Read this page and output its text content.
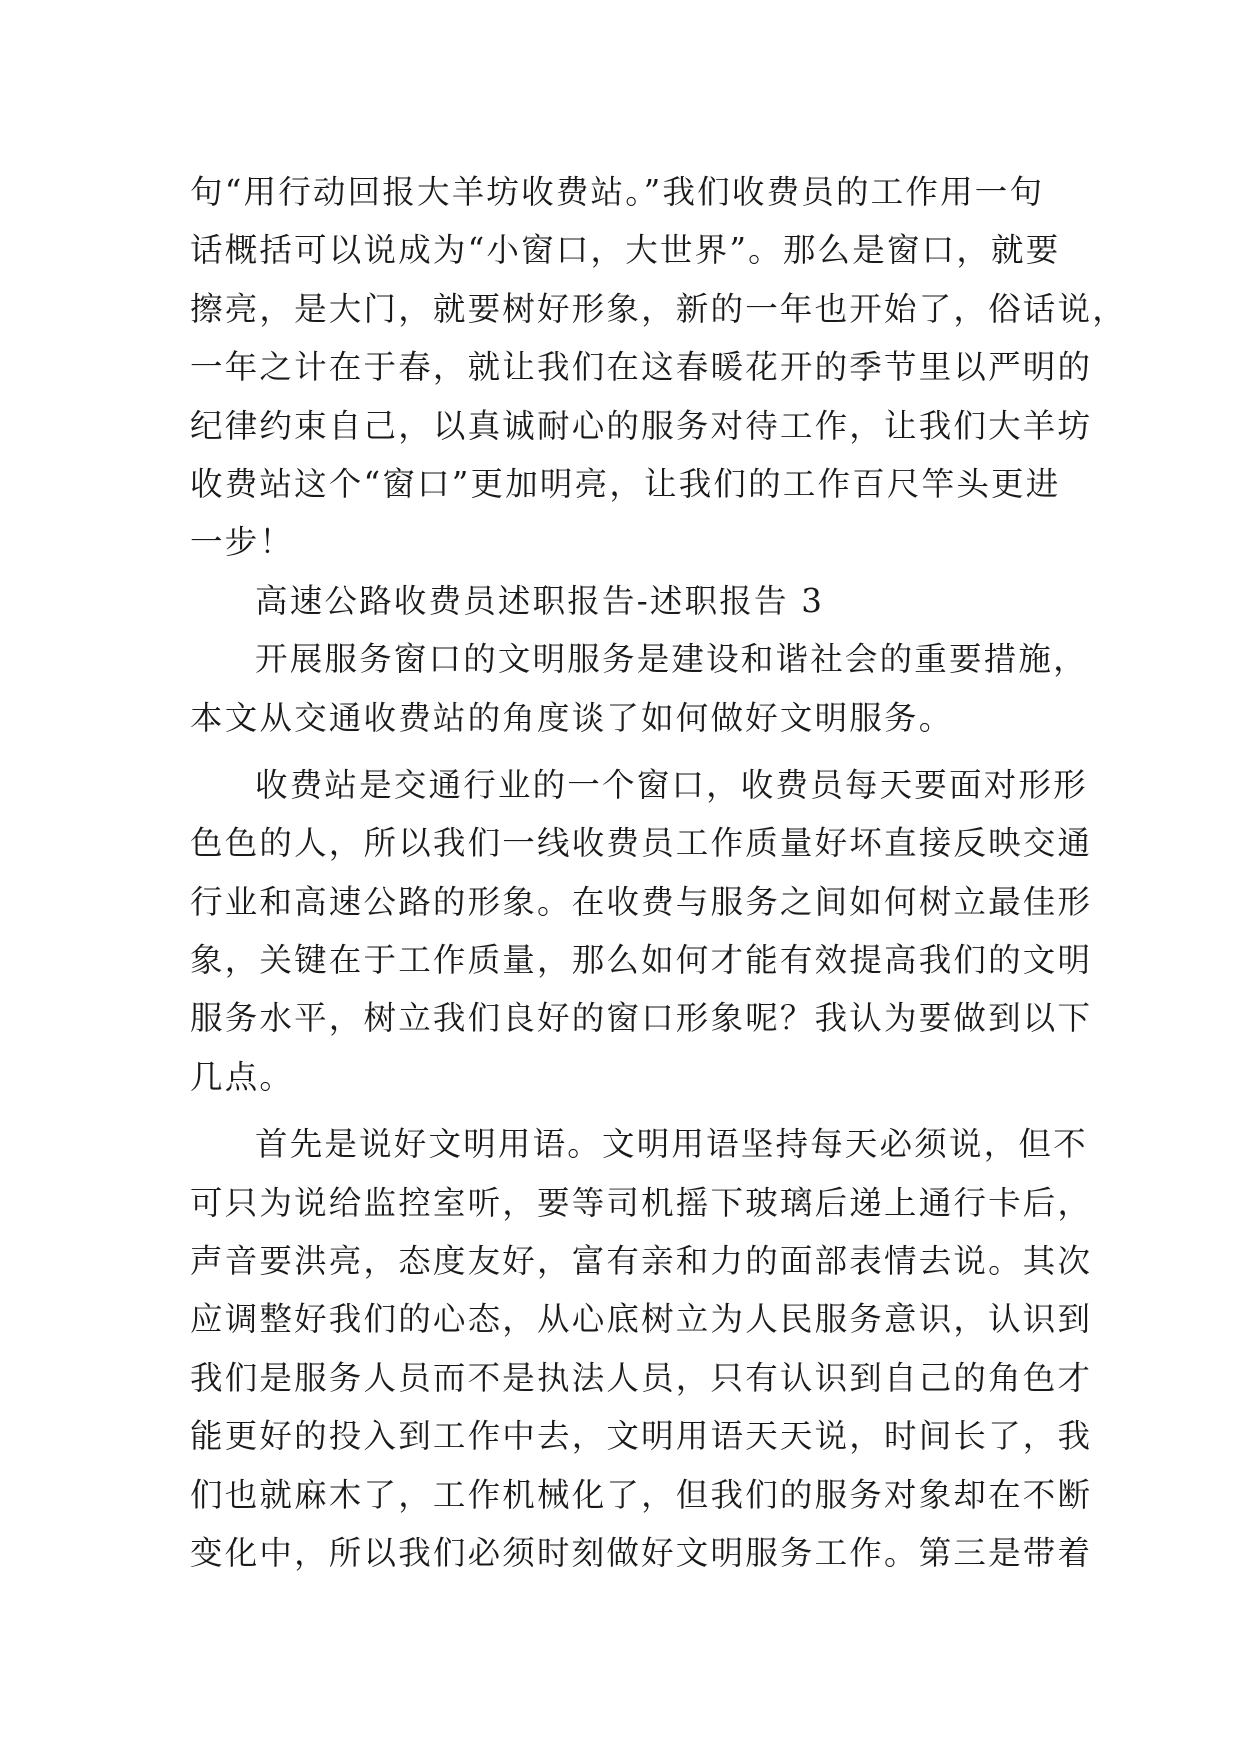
句“用行动回报大羊坊收费站。”我们收费员的工作用一句
话概括可以说成为“小窗口，大世界”。那么是窗口，就要
擦亮，是大门，就要树好形象，新的一年也开始了，俗话说，
一年之计在于春，就让我们在这春暖花开的季节里以严明的
纪律约束自己，以真诚耐心的服务对待工作，让我们大羊坊
收费站这个“窗口”更加明亮，让我们的工作百尺竿头更进
一步！
高速公路收费员述职报告-述职报告 3
开展服务窗口的文明服务是建设和谐社会的重要措施，
本文从交通收费站的角度谈了如何做好文明服务。
收费站是交通行业的一个窗口，收费员每天要面对形形
色色的人，所以我们一线收费员工作质量好坏直接反映交通
行业和高速公路的形象。在收费与服务之间如何树立最佳形
象，关键在于工作质量，那么如何才能有效提高我们的文明
服务水平，树立我们良好的窗口形象呢？我认为要做到以下
几点。
首先是说好文明用语。文明用语坚持每天必须说，但不
可只为说给监控室听，要等司机摇下玻璃后递上通行卡后，
声音要洪亮，态度友好，富有亲和力的面部表情去说。其次
应调整好我们的心态，从心底树立为人民服务意识，认识到
我们是服务人员而不是执法人员，只有认识到自己的角色才
能更好的投入到工作中去，文明用语天天说，时间长了，我
们也就麻木了，工作机械化了，但我们的服务对象却在不断
变化中，所以我们必须时刻做好文明服务工作。第三是带着
